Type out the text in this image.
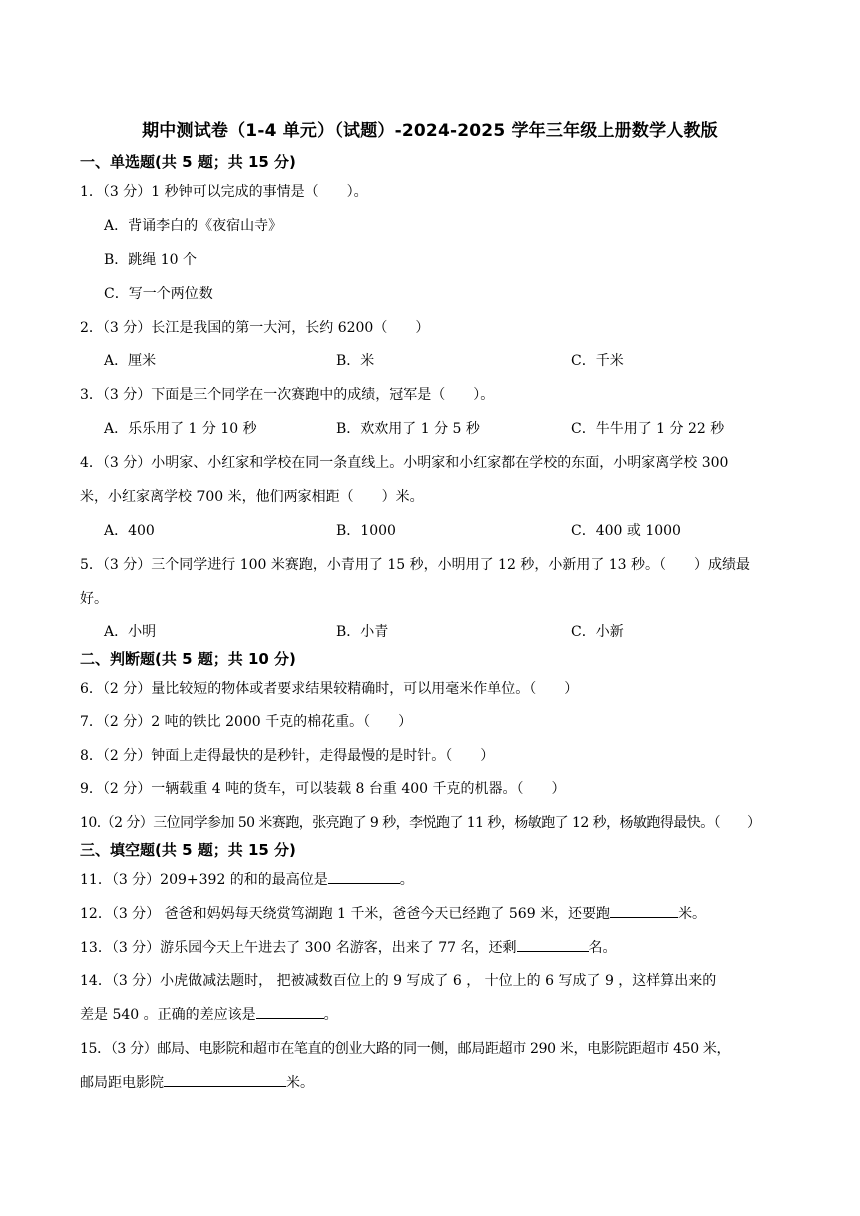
期中测试卷（1-4 单元）（试题）-2024-2025 学年三年级上册数学人教版
一、单选题(共 5 题；共 15 分)
1．（3 分）1 秒钟可以完成的事情是（　　）。
A．背诵李白的《夜宿山寺》
B．跳绳 10 个
C．写一个两位数
2．（3 分）长江是我国的第一大河，长约 6200（　　）
A．厘米	B．米	C．千米
3．（3 分）下面是三个同学在一次赛跑中的成绩，冠军是（　　）。
A．乐乐用了 1 分 10 秒	B．欢欢用了 1 分 5 秒	C．牛牛用了 1 分 22 秒
4．（3 分）小明家、小红家和学校在同一条直线上。小明家和小红家都在学校的东面，小明家离学校 300
米，小红家离学校 700 米，他们两家相距（　　）米。
A．400	B．1000	C．400 或 1000
5．（3 分）三个同学进行 100 米赛跑，小青用了 15 秒，小明用了 12 秒，小新用了 13 秒。（　　）成绩最
好。
A．小明	B．小青	C．小新
二、判断题(共 5 题；共 10 分)
6．（2 分）量比较短的物体或者要求结果较精确时，可以用毫米作单位。（　　）
7．（2 分）2 吨的铁比 2000 千克的棉花重。（　　）
8．（2 分）钟面上走得最快的是秒针，走得最慢的是时针。（　　）
9．（2 分）一辆载重 4 吨的货车，可以装载 8 台重 400 千克的机器。（　　）
10.（2 分）三位同学参加 50 米赛跑，张亮跑了 9 秒，李悦跑了 11 秒，杨敏跑了 12 秒，杨敏跑得最快。（　　）
三、填空题(共 5 题；共 15 分)
11．（3 分）209+392 的和的最高位是	。
12．（3 分） 爸爸和妈妈每天绕赏笃湖跑 1 千米，爸爸今天已经跑了 569 米，还要跑	米。
13．（3 分）游乐园今天上午进去了 300 名游客，出来了 77 名，还剩	名。
14．（3 分）小虎做减法题时， 把被减数百位上的 9 写成了 6 ， 十位上的 6 写成了 9 ，这样算出来的
差是 540 。正确的差应该是	。
15．（3 分）邮局、电影院和超市在笔直的创业大路的同一侧，邮局距超市 290 米，电影院距超市 450 米，
邮局距电影院	米。
